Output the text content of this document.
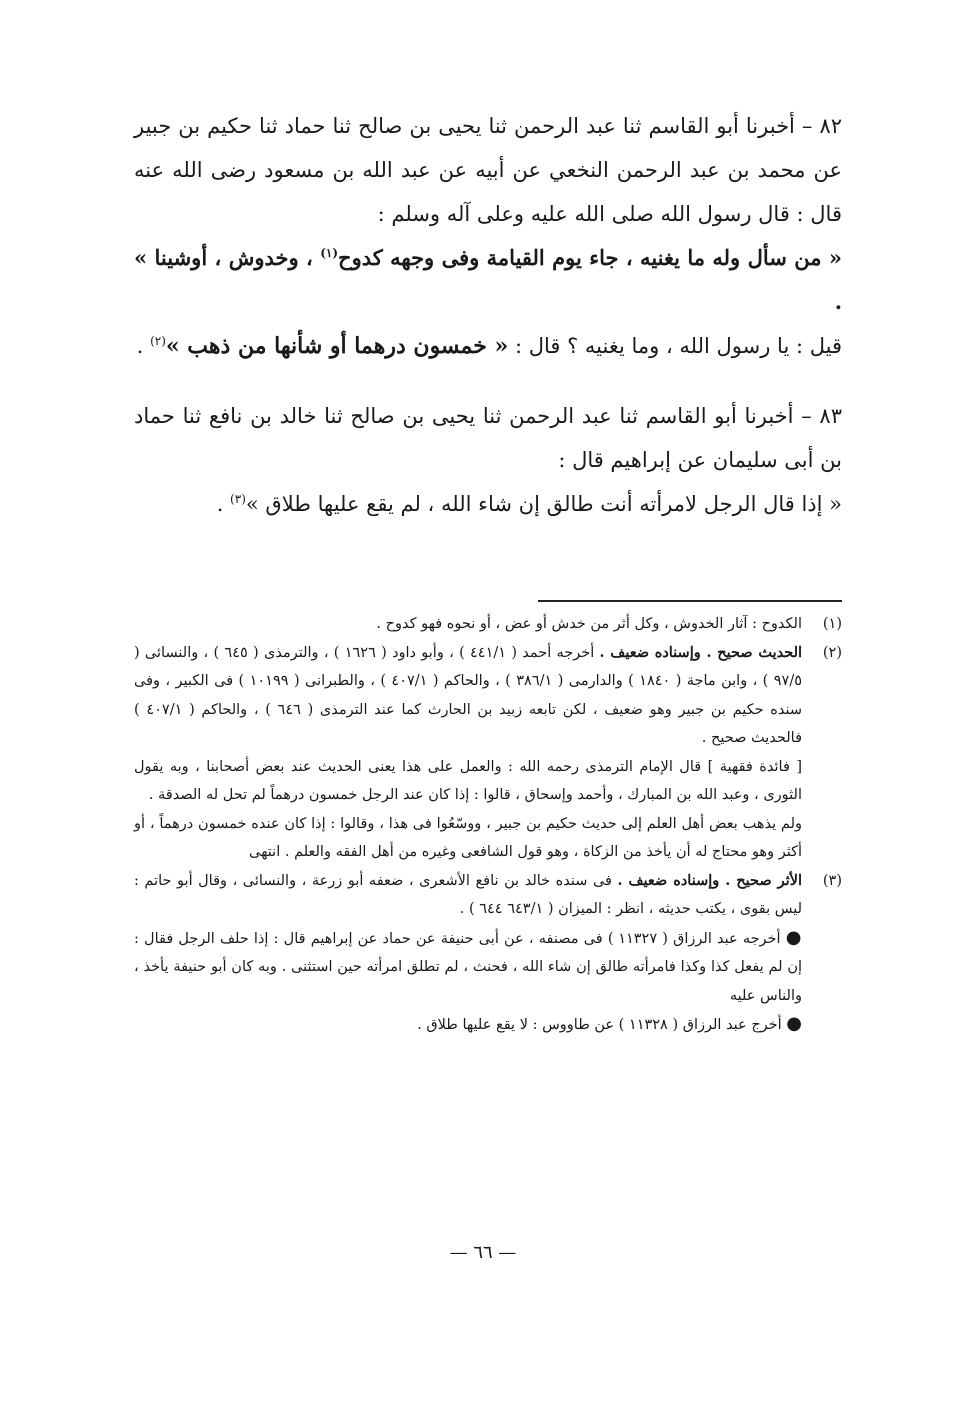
٨٢ – أخبرنا أبو القاسم ثنا عبد الرحمن ثنا يحيى بن صالح ثنا حماد ثنا حكيم بن جبير عن محمد بن عبد الرحمن النخعي عن أبيه عن عبد الله بن مسعود رضى الله عنه قال : قال رسول الله صلى الله عليه وعلى آله وسلم :

« من سأل وله ما يغنيه ، جاء يوم القيامة وفى وجهه كدوح$^{(١)}$ ، وخدوش ، أوشينا » .

قيل : يا رسول الله ، وما يغنيه ؟ قال : « خمسون درهما أو شأنها من ذهب »$^{(٢)}$ .

٨٣ – أخبرنا أبو القاسم ثنا عبد الرحمن ثنا يحيى بن صالح ثنا خالد بن نافع ثنا حماد بن أبى سليمان عن إبراهيم قال :

« إذا قال الرجل لامرأته أنت طالق إن شاء الله ، لم يقع عليها طلاق »$^{(٣)}$ .

(١)

الكدوح : آثار الخدوش ، وكل أثر من خدش أو عض ، أو نحوه فهو كدوح .

(٢)

الحديث صحيح . وإسناده ضعيف . أخرجه أحمد ( ٤٤١/١ ) ، وأبو داود ( ١٦٢٦ ) ، والترمذى ( ٦٤٥ ) ، والنسائى ( ٩٧/٥ ) ، وابن ماجة ( ١٨٤٠ ) والدارمى ( ٣٨٦/١ ) ، والحاكم ( ٤٠٧/١ ) ، والطبرانى ( ١٠١٩٩ ) فى الكبير ، وفى سنده حكيم بن جبير وهو ضعيف ، لكن تابعه زبيد بن الحارث كما عند الترمذى ( ٦٤٦ ) ، والحاكم ( ٤٠٧/١ ) فالحديث صحيح .

[ فائدة فقهية ] قال الإمام الترمذى رحمه الله : والعمل على هذا يعنى الحديث عند بعض أصحابنا ، وبه يقول الثورى ، وعبد الله بن المبارك ، وأحمد وإسحاق ، قالوا : إذا كان عند الرجل خمسون درهماً لم تحل له الصدقة .

ولم يذهب بعض أهل العلم إلى حديث حكيم بن جبير ، ووسّعُوا فى هذا ، وقالوا : إذا كان عنده خمسون درهماً ، أو أكثر وهو محتاج له أن يأخذ من الزكاة ، وهو قول الشافعى وغيره من أهل الفقه والعلم . انتهى

(٣)

الأثر صحيح . وإسناده ضعيف . فى سنده خالد بن نافع الأشعرى ، ضعفه أبو زرعة ، والنسائى ، وقال أبو حاتم : ليس بقوى ، يكتب حديثه ، انظر : الميزان ( ٦٤٣/١ ٦٤٤ ) .

● أخرجه عبد الرزاق ( ١١٣٢٧ ) فى مصنفه ، عن أبى حنيفة عن حماد عن إبراهيم قال : إذا حلف الرجل فقال : إن لم يفعل كذا وكذا فامرأته طالق إن شاء الله ، فحنث ، لم تطلق امرأته حين استثنى . وبه كان أبو حنيفة يأخذ ، والناس عليه

● أخرج عبد الرزاق ( ١١٣٢٨ ) عن طاووس : لا يقع عليها طلاق .

— ٦٦ —
